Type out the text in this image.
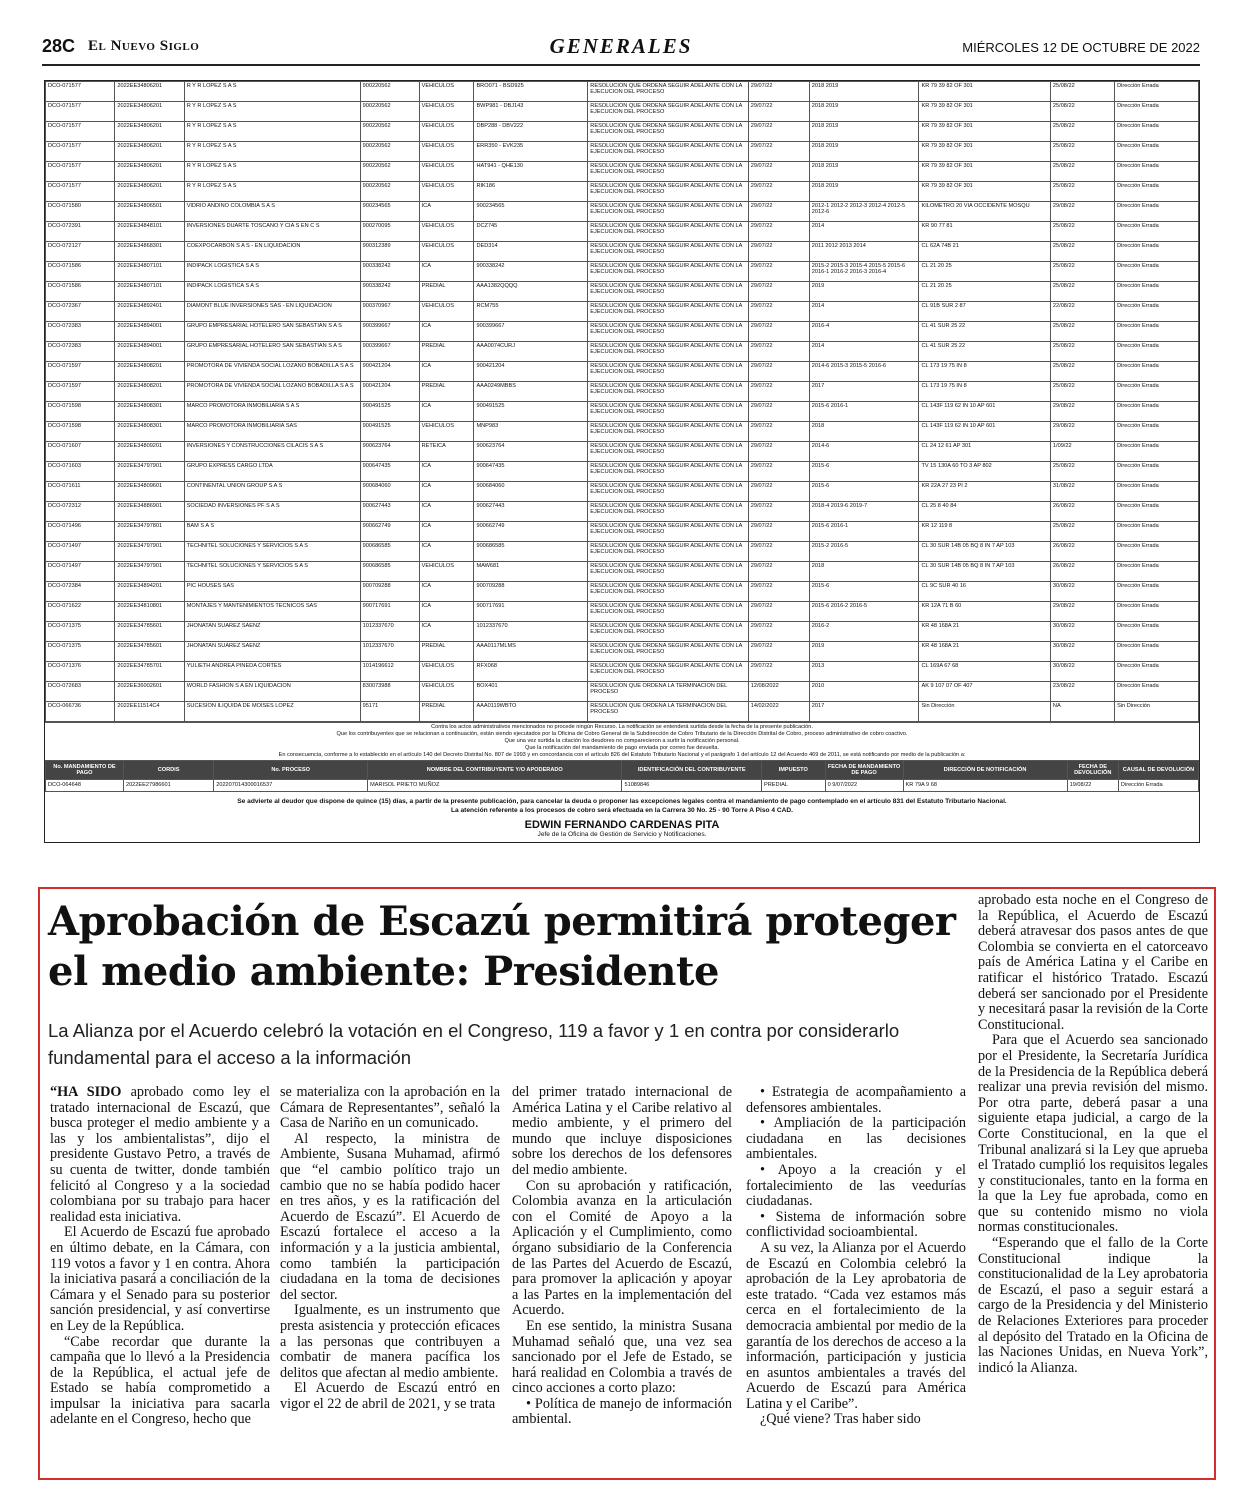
28C El Nuevo Siglo	GENERALES	MIÉRCOLES 12 DE OCTUBRE DE 2022
DCO-071577	2022EE34806201	R Y R LOPEZ S A S	900220562	VEHICULOS	BRO071 - BSD925	RESOLUCION QUE ORDENA SEGUIR ADELANTE CON LA EJECUCION DEL PROCESO	29/07/22	2018 2019	KR 79 39 82 OF 301	25/08/22	Dirección Errada
DCO-071577	2022EE34806201	R Y R LOPEZ S A S	900220562	VEHICULOS	BWP981 - DBJ143	RESOLUCION QUE ORDENA SEGUIR ADELANTE CON LA EJECUCION DEL PROCESO	29/07/22	2018 2019	KR 79 39 82 OF 301	25/08/22	Dirección Errada
DCO-071577	2022EE34806201	R Y R LOPEZ S A S	900220562	VEHICULOS	DBP288 - DBV222	RESOLUCION QUE ORDENA SEGUIR ADELANTE CON LA EJECUCION DEL PROCESO	29/07/22	2018 2019	KR 79 39 82 OF 301	25/08/22	Dirección Errada
DCO-071577	2022EE34806201	R Y R LOPEZ S A S	900220562	VEHICULOS	ERR350 - EVK235	RESOLUCION QUE ORDENA SEGUIR ADELANTE CON LA EJECUCION DEL PROCESO	29/07/22	2018 2019	KR 79 39 82 OF 301	25/08/22	Dirección Errada
DCO-071577	2022EE34806201	R Y R LOPEZ S A S	900220562	VEHICULOS	HAT941 - QHE130	RESOLUCION QUE ORDENA SEGUIR ADELANTE CON LA EJECUCION DEL PROCESO	29/07/22	2018 2019	KR 79 39 82 OF 301	25/08/22	Dirección Errada
DCO-071577	2022EE34806201	R Y R LOPEZ S A S	900220562	VEHICULOS	RIK186	RESOLUCION QUE ORDENA SEGUIR ADELANTE CON LA EJECUCION DEL PROCESO	29/07/22	2018 2019	KR 79 39 82 OF 301	25/08/22	Dirección Errada
DCO-071580	2022EE34806501	VIDRIO ANDINO COLOMBIA S A S	900234565	ICA	900234565	RESOLUCION QUE ORDENA SEGUIR ADELANTE CON LA EJECUCION DEL PROCESO	29/07/22	2012-1 2012-2 2012-3 2012-4 2012-5 2012-6	KILOMETRO 20 VIA OCCIDENTE MOSQU	29/08/22	Dirección Errada
DCO-072391	2022EE34848101	INVERSIONES DUARTE TOSCANO Y CIA S EN C S	900270095	VEHICULOS	DCZ745	RESOLUCION QUE ORDENA SEGUIR ADELANTE CON LA EJECUCION DEL PROCESO	29/07/22	2014	KR 90 77 81	25/08/22	Dirección Errada
DCO-072127	2022EE34868301	COEXPOCARBON S A S - EN LIQUIDACION	900312389	VEHICULOS	DED314	RESOLUCION QUE ORDENA SEGUIR ADELANTE CON LA EJECUCION DEL PROCESO	29/07/22	2011 2012 2013 2014	CL 62A 74B 21	25/08/22	Dirección Errada
DCO-071586	2022EE34807101	INDIPACK LOGISTICA S A S	900338242	ICA	900338242	RESOLUCION QUE ORDENA SEGUIR ADELANTE CON LA EJECUCION DEL PROCESO	29/07/22	2015-2 2015-3 2015-4 2015-5 2015-6 2016-1 2016-2 2016-3 2016-4	CL 21 20 25	25/08/22	Dirección Errada
DCO-071586	2022EE34807101	INDIPACK LOGISTICA S A S	900338242	PREDIAL	AAA1382QQQQ	RESOLUCION QUE ORDENA SEGUIR ADELANTE CON LA EJECUCION DEL PROCESO	29/07/22	2019	CL 21 20 25	25/08/22	Dirección Errada
DCO-072367	2022EE34892401	DIAMONT BLUE INVERSIONES SAS - EN LIQUIDACION	900370967	VEHICULOS	RCM755	RESOLUCION QUE ORDENA SEGUIR ADELANTE CON LA EJECUCION DEL PROCESO	29/07/22	2014	CL 91B SUR 2 87	22/08/22	Dirección Errada
DCO-072383	2022EE34894001	GRUPO EMPRESARIAL HOTELERO SAN SEBASTIAN S A S	900399667	ICA	900399667	RESOLUCION QUE ORDENA SEGUIR ADELANTE CON LA EJECUCION DEL PROCESO	29/07/22	2016-4	CL 41 SUR 25 22	25/08/22	Dirección Errada
DCO-072383	2022EE34894001	GRUPO EMPRESARIAL HOTELERO SAN SEBASTIAN S A S	900399667	PREDIAL	AAA0074CURJ	RESOLUCION QUE ORDENA SEGUIR ADELANTE CON LA EJECUCION DEL PROCESO	29/07/22	2014	CL 41 SUR 25 22	25/08/22	Dirección Errada
DCO-071597	2022EE34808201	PROMOTORA DE VIVIENDA SOCIAL LOZANO BOBADILLA S A S	900421204	ICA	900421204	RESOLUCION QUE ORDENA SEGUIR ADELANTE CON LA EJECUCION DEL PROCESO	29/07/22	2014-6 2015-3 2015-5 2016-6	CL 173 19 75 IN 8	25/08/22	Dirección Errada
DCO-071597	2022EE34808201	PROMOTORA DE VIVIENDA SOCIAL LOZANO BOBADILLA S A S	900421204	PREDIAL	AAA0249MBBS	RESOLUCION QUE ORDENA SEGUIR ADELANTE CON LA EJECUCION DEL PROCESO	29/07/22	2017	CL 173 19 75 IN 8	25/08/22	Dirección Errada
DCO-071598	2022EE34808301	MARCO PROMOTORA INMOBILIARIA S A S	900491525	ICA	900491525	RESOLUCION QUE ORDENA SEGUIR ADELANTE CON LA EJECUCION DEL PROCESO	29/07/22	2015-6 2016-1	CL 143F 119 62 IN 10 AP 601	29/08/22	Dirección Errada
DCO-071598	2022EE34808301	MARCO PROMOTORA INMOBILIARIA SAS	900491525	VEHICULOS	MNP983	RESOLUCION QUE ORDENA SEGUIR ADELANTE CON LA EJECUCION DEL PROCESO	29/07/22	2018	CL 143F 119 62 IN 10 AP 601	29/08/22	Dirección Errada
DCO-071607	2022EE34809201	INVERSIONES Y CONSTRUCCIONES CILACIS S A S	900623764	RETEICA	900623764	RESOLUCION QUE ORDENA SEGUIR ADELANTE CON LA EJECUCION DEL PROCESO	29/07/22	2014-6	CL 24 12 61 AP 301	1/09/22	Dirección Errada
DCO-071603	2022EE34797901	GRUPO EXPRESS CARGO LTDA	900647435	ICA	900647435	RESOLUCION QUE ORDENA SEGUIR ADELANTE CON LA EJECUCION DEL PROCESO	29/07/22	2015-6	TV 15 130A 60 TO 3 AP 802	25/08/22	Dirección Errada
DCO-071611	2022EE34809601	CONTINENTAL UNION GROUP S A S	900684060	ICA	900684060	RESOLUCION QUE ORDENA SEGUIR ADELANTE CON LA EJECUCION DEL PROCESO	29/07/22	2015-6	KR 22A 27 23 PI 2	31/08/22	Dirección Errada
DCO-072312	2022EE34886901	SOCIEDAD INVERSIONES PF S A S	900627443	ICA	900627443	RESOLUCION QUE ORDENA SEGUIR ADELANTE CON LA EJECUCION DEL PROCESO	29/07/22	2018-4 2019-6 2019-7	CL 25 8 40 84	26/08/22	Dirección Errada
DCO-071496	2022EE34797801	BAM S A S	900662749	ICA	900662749	RESOLUCION QUE ORDENA SEGUIR ADELANTE CON LA EJECUCION DEL PROCESO	29/07/22	2015-6 2016-1	KR 12 119 8	25/08/22	Dirección Errada
DCO-071497	2022EE34797901	TECHNITEL SOLUCIONES Y SERVICIOS S A S	900686585	ICA	900686585	RESOLUCION QUE ORDENA SEGUIR ADELANTE CON LA EJECUCION DEL PROCESO	29/07/22	2015-2 2016-5	CL 30 SUR 14B 05 BQ 8 IN 7 AP 103	26/08/22	Dirección Errada
DCO-071497	2022EE34797901	TECHNITEL SOLUCIONES Y SERVICIOS S A S	900686585	VEHICULOS	MAW681	RESOLUCION QUE ORDENA SEGUIR ADELANTE CON LA EJECUCION DEL PROCESO	29/07/22	2018	CL 30 SUR 14B 05 BQ 8 IN 7 AP 103	26/08/22	Dirección Errada
DCO-072384	2022EE34894201	PIC HOUSES SAS	900709288	ICA	900709288	RESOLUCION QUE ORDENA SEGUIR ADELANTE CON LA EJECUCION DEL PROCESO	29/07/22	2015-6	CL 9C SUR 40 16	30/08/22	Dirección Errada
DCO-071622	2022EE34810801	MONTAJES Y MANTENIMIENTOS TECNICOS SAS	900717691	ICA	900717691	RESOLUCION QUE ORDENA SEGUIR ADELANTE CON LA EJECUCION DEL PROCESO	29/07/22	2015-6 2016-2 2016-5	KR 12A 71 B 60	29/08/22	Dirección Errada
DCO-071375	2022EE34785601	JHONATAN SUAREZ SAENZ	1012337670	ICA	1012337670	RESOLUCION QUE ORDENA SEGUIR ADELANTE CON LA EJECUCION DEL PROCESO	29/07/22	2016-2	KR 48 168A 21	30/08/22	Dirección Errada
DCO-071375	2022EE34785601	JHONATAN SUAREZ SAENZ	1012337670	PREDIAL	AAA0117MLMS	RESOLUCION QUE ORDENA SEGUIR ADELANTE CON LA EJECUCION DEL PROCESO	29/07/22	2019	KR 48 168A 21	30/08/22	Dirección Errada
DCO-071376	2022EE34785701	YULIETH ANDREA PINEDA CORTES	1014196612	VEHICULOS	RFX068	RESOLUCION QUE ORDENA SEGUIR ADELANTE CON LA EJECUCION DEL PROCESO	29/07/22	2013	CL 169A 67 68	30/08/22	Dirección Errada
DCO-072683	2022EE36002601	WORLD FASHION S A EN LIQUIDACION	830073988	VEHICULOS	BOX401	RESOLUCION QUE ORDENA LA TERMINACION DEL PROCESO	12/08/2022	2010	AK 9 107 07 OF 407	23/08/22	Dirección Errada
DCO-066736	2022EE11514C4	SUCESION ILIQUIDA DE MOISES LOPEZ	95171	PREDIAL	AAA0119WBTO	RESOLUCION QUE ORDENA LA TERMINACION DEL PROCESO	14/02/2022	2017	Sin Dirección	NA	Sin Dirección
Contra los actos administrativos mencionados no procede ningún Recurso. La notificación se entenderá surtida desde la fecha de la presente publicación.
Que los contribuyentes que se relacionan a continuación, están siendo ejecutados por la Oficina de Cobro General de la Subdirección de Cobro Tributario de la Dirección Distrital de Cobro, proceso administrativo de cobro coactivo.
Que una vez surtida la citación los deudores no comparecieron a surtir la notificación personal.
Que la notificación del mandamiento de pago enviada por correo fue devuelta.
En consecuencia, conforme a lo establecido en el artículo 140 del Decreto Distrital No. 807 de 1993 y en concordancia con el artículo 826 del Estatuto Tributario Nacional y el parágrafo 1 del artículo 12 del Acuerdo 469 de 2011, se está notificando por medio de la publicación a:
No. MANDAMIENTO DE PAGO	CORDIS	No. PROCESO	NOMBRE DEL CONTRIBUYENTE Y/O APODERADO	IDENTIFICACIÓN DEL CONTRIBUYENTE	IMPUESTO	FECHA DE MANDAMIENTO DE PAGO	DIRECCIÓN DE NOTIFICACIÓN	FECHA DE DEVOLUCIÓN	CAUSAL DE DEVOLUCIÓN
DCO-064648	2022EE27986601	202207014300016537	MARISOL PRIETO MUÑOZ	51089846	PREDIAL	0 9/07/2022	KR 79A 9 68	19/08/22	Dirección Errada
Se advierte al deudor que dispone de quince (15) días, a partir de la presente publicación, para cancelar la deuda o proponer las excepciones legales contra el mandamiento de pago contemplado en el artículo 831 del Estatuto Tributario Nacional.
La atención referente a los procesos de cobro será efectuada en la Carrera 30 No. 25 - 90 Torre A Piso 4 CAD.
EDWIN FERNANDO CARDENAS PITA
Jefe de la Oficina de Gestión de Servicio y Notificaciones.
Aprobación de Escazú permitirá proteger el medio ambiente: Presidente

La Alianza por el Acuerdo celebró la votación en el Congreso, 119 a favor y 1 en contra por considerarlo fundamental para el acceso a la información

“HA SIDO aprobado como ley el tratado internacional de Escazú, que busca proteger el medio ambiente y a las y los ambientalistas”, dijo el presidente Gustavo Petro, a través de su cuenta de twitter, donde también felicitó al Congreso y a la sociedad colombiana por su trabajo para hacer realidad esta iniciativa.

El Acuerdo de Escazú fue aprobado en último debate, en la Cámara, con 119 votos a favor y 1 en contra. Ahora la iniciativa pasará a conciliación de la Cámara y el Senado para su posterior sanción presidencial, y así convertirse en Ley de la República.

“Cabe recordar que durante la campaña que lo llevó a la Presidencia de la República, el actual jefe de Estado se había comprometido a impulsar la iniciativa para sacarla adelante en el Congreso, hecho que

se materializa con la aprobación en la Cámara de Representantes”, señaló la Casa de Nariño en un comunicado.

Al respecto, la ministra de Ambiente, Susana Muhamad, afirmó que “el cambio político trajo un cambio que no se había podido hacer en tres años, y es la ratificación del Acuerdo de Escazú”. El Acuerdo de Escazú fortalece el acceso a la información y a la justicia ambiental, como también la participación ciudadana en la toma de decisiones del sector.

Igualmente, es un instrumento que presta asistencia y protección eficaces a las personas que contribuyen a combatir de manera pacífica los delitos que afectan al medio ambiente.

El Acuerdo de Escazú entró en vigor el 22 de abril de 2021, y se trata

del primer tratado internacional de América Latina y el Caribe relativo al medio ambiente, y el primero del mundo que incluye disposiciones sobre los derechos de los defensores del medio ambiente.

Con su aprobación y ratificación, Colombia avanza en la articulación con el Comité de Apoyo a la Aplicación y el Cumplimiento, como órgano subsidiario de la Conferencia de las Partes del Acuerdo de Escazú, para promover la aplicación y apoyar a las Partes en la implementación del Acuerdo.

En ese sentido, la ministra Susana Muhamad señaló que, una vez sea sancionado por el Jefe de Estado, se hará realidad en Colombia a través de cinco acciones a corto plazo:

• Política de manejo de información ambiental.

• Estrategia de acompañamiento a defensores ambientales.

• Ampliación de la participación ciudadana en las decisiones ambientales.

• Apoyo a la creación y el fortalecimiento de las veedurías ciudadanas.

• Sistema de información sobre conflictividad socioambiental.

A su vez, la Alianza por el Acuerdo de Escazú en Colombia celebró la aprobación de la Ley aprobatoria de este tratado. “Cada vez estamos más cerca en el fortalecimiento de la democracia ambiental por medio de la garantía de los derechos de acceso a la información, participación y justicia en asuntos ambientales a través del Acuerdo de Escazú para América Latina y el Caribe”.

¿Qué viene? Tras haber sido

aprobado esta noche en el Congreso de la República, el Acuerdo de Escazú deberá atravesar dos pasos antes de que Colombia se convierta en el catorceavo país de América Latina y el Caribe en ratificar el histórico Tratado. Escazú deberá ser sancionado por el Presidente y necesitará pasar la revisión de la Corte Constitucional.

Para que el Acuerdo sea sancionado por el Presidente, la Secretaría Jurídica de la Presidencia de la República deberá realizar una previa revisión del mismo. Por otra parte, deberá pasar a una siguiente etapa judicial, a cargo de la Corte Constitucional, en la que el Tribunal analizará si la Ley que aprueba el Tratado cumplió los requisitos legales y constitucionales, tanto en la forma en la que la Ley fue aprobada, como en que su contenido mismo no viola normas constitucionales.

“Esperando que el fallo de la Corte Constitucional indique la constitucionalidad de la Ley aprobatoria de Escazú, el paso a seguir estará a cargo de la Presidencia y del Ministerio de Relaciones Exteriores para proceder al depósito del Tratado en la Oficina de las Naciones Unidas, en Nueva York”, indicó la Alianza.
